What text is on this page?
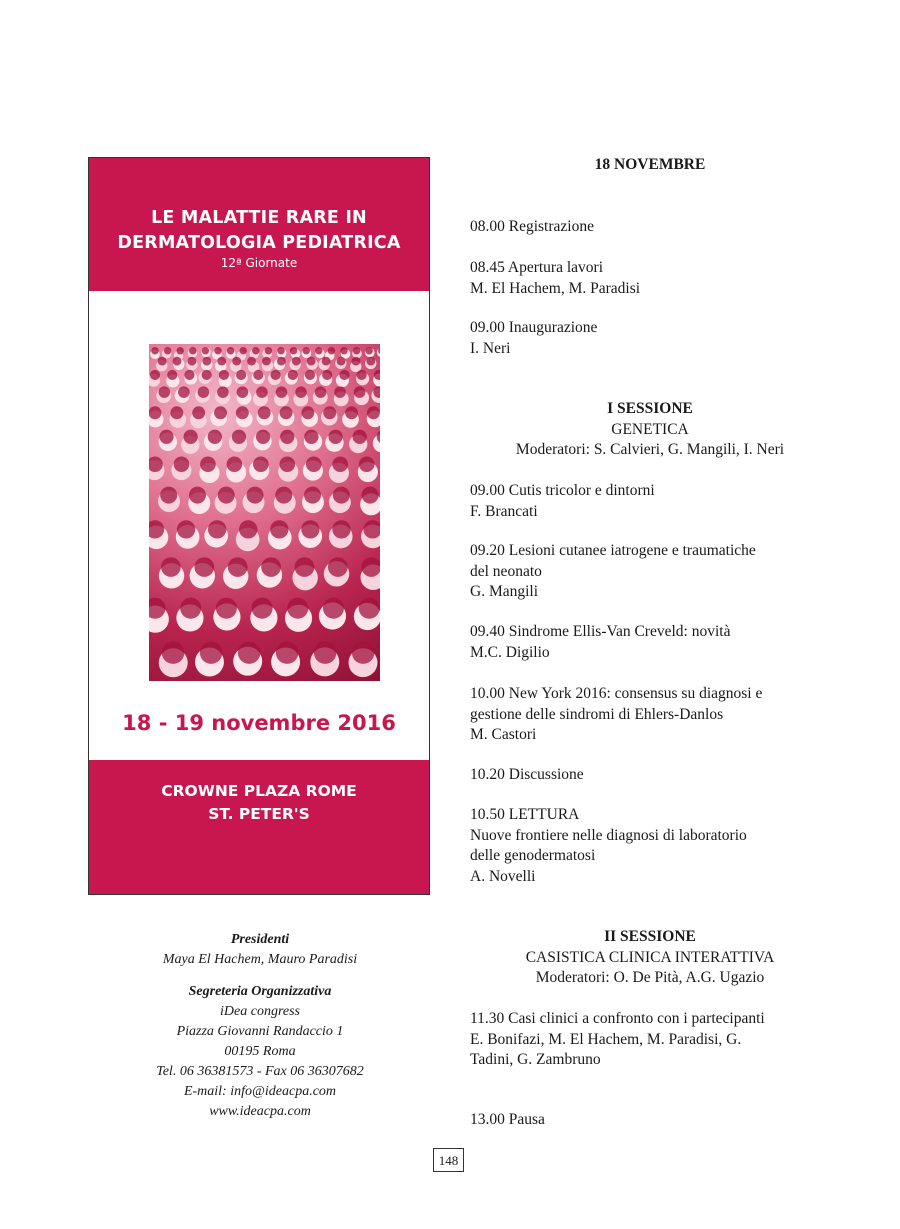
LE MALATTIE RARE IN
DERMATOLOGIA PEDIATRICA
12ª Giornate
18 - 19 novembre 2016
CROWNE PLAZA ROME
ST. PETER'S
Presidenti
Maya El Hachem, Mauro Paradisi
Segreteria Organizzativa
iDea congress
Piazza Giovanni Randaccio 1
00195 Roma
Tel. 06 36381573 - Fax 06 36307682
E-mail: info@ideacpa.com
www.ideacpa.com
18 NOVEMBRE
08.00 Registrazione
08.45 Apertura lavori
M. El Hachem, M. Paradisi
09.00 Inaugurazione
I. Neri
I SESSIONE
GENETICA
Moderatori: S. Calvieri, G. Mangili, I. Neri
09.00 Cutis tricolor e dintorni
F. Brancati
09.20 Lesioni cutanee iatrogene e traumatiche
del neonato
G. Mangili
09.40 Sindrome Ellis-Van Creveld: novità
M.C. Digilio
10.00 New York 2016: consensus su diagnosi e
gestione delle sindromi di Ehlers-Danlos
M. Castori
10.20 Discussione
10.50 LETTURA
Nuove frontiere nelle diagnosi di laboratorio
delle genodermatosi
A. Novelli
II SESSIONE
CASISTICA CLINICA INTERATTIVA
Moderatori: O. De Pità, A.G. Ugazio
11.30 Casi clinici a confronto con i partecipanti
E. Bonifazi, M. El Hachem, M. Paradisi, G.
Tadini, G. Zambruno
13.00 Pausa
148
